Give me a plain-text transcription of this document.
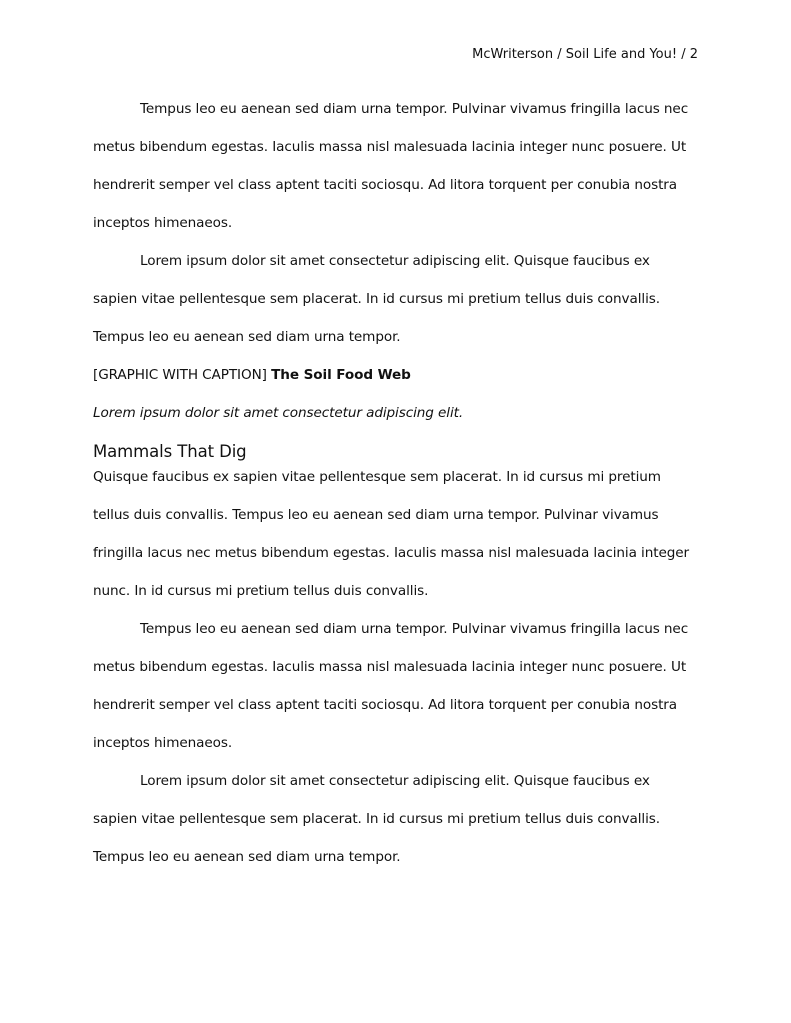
McWriterson / Soil Life and You! / 2

Tempus leo eu aenean sed diam urna tempor. Pulvinar vivamus fringilla lacus nec metus bibendum egestas. Iaculis massa nisl malesuada lacinia integer nunc posuere. Ut hendrerit semper vel class aptent taciti sociosqu. Ad litora torquent per conubia nostra inceptos himenaeos.

Lorem ipsum dolor sit amet consectetur adipiscing elit. Quisque faucibus ex sapien vitae pellentesque sem placerat. In id cursus mi pretium tellus duis convallis. Tempus leo eu aenean sed diam urna tempor.

[GRAPHIC WITH CAPTION] The Soil Food Web

Lorem ipsum dolor sit amet consectetur adipiscing elit.

Mammals That Dig

Quisque faucibus ex sapien vitae pellentesque sem placerat. In id cursus mi pretium tellus duis convallis. Tempus leo eu aenean sed diam urna tempor. Pulvinar vivamus fringilla lacus nec metus bibendum egestas. Iaculis massa nisl malesuada lacinia integer nunc. In id cursus mi pretium tellus duis convallis.

Tempus leo eu aenean sed diam urna tempor. Pulvinar vivamus fringilla lacus nec metus bibendum egestas. Iaculis massa nisl malesuada lacinia integer nunc posuere. Ut hendrerit semper vel class aptent taciti sociosqu. Ad litora torquent per conubia nostra inceptos himenaeos.

Lorem ipsum dolor sit amet consectetur adipiscing elit. Quisque faucibus ex sapien vitae pellentesque sem placerat. In id cursus mi pretium tellus duis convallis. Tempus leo eu aenean sed diam urna tempor.
